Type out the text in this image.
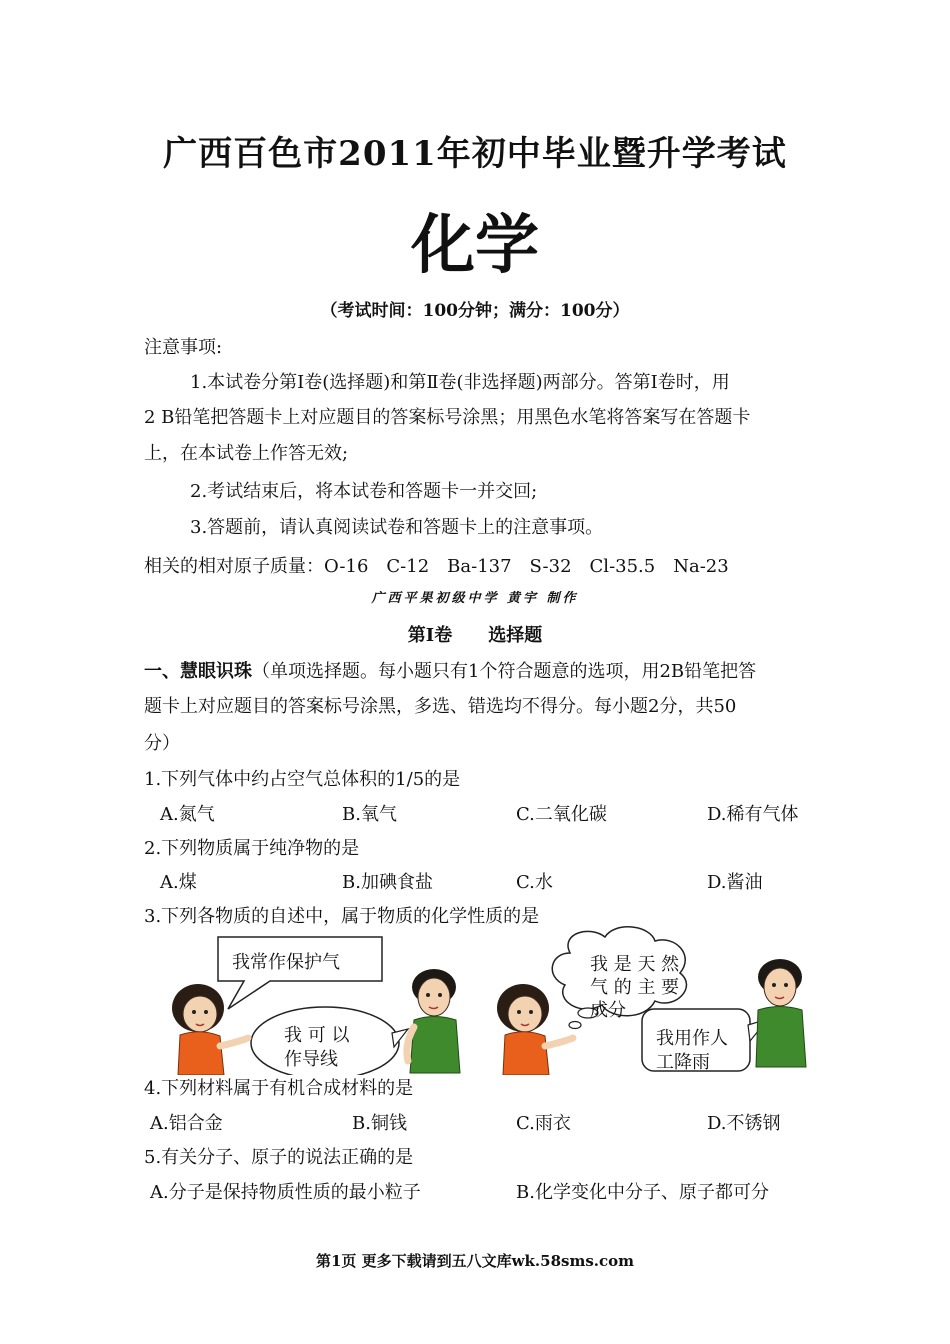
广西百色市2011年初中毕业暨升学考试
化学
（考试时间：100分钟；满分：100分）
注意事项:
1.本试卷分第Ⅰ卷(选择题)和第Ⅱ卷(非选择题)两部分。答第Ⅰ卷时，用
2 B铅笔把答题卡上对应题目的答案标号涂黑；用黑色水笔将答案写在答题卡
上，在本试卷上作答无效;
2.考试结束后，将本试卷和答题卡一并交回;
3.答题前，请认真阅读试卷和答题卡上的注意事项。
相关的相对原子质量：O-16　C-12　Ba-137　S-32　Cl-35.5　Na-23
广西平果初级中学 黄宇 制作
第Ⅰ卷　　选择题
一、慧眼识珠（单项选择题。每小题只有1个符合题意的选项，用2B铅笔把答
题卡上对应题目的答案标号涂黑，多选、错选均不得分。每小题2分，共50
分）
1.下列气体中约占空气总体积的1/5的是
A.氮气	B.氧气	C.二氧化碳	D.稀有气体
2.下列物质属于纯净物的是
A.煤	B.加碘食盐	C.水	D.酱油
3.下列各物质的自述中，属于物质的化学性质的是
我常作保护气
我 可 以
作导线
我 是 天 然
气 的 主 要
成分
我用作人
工降雨
4.下列材料属于有机合成材料的是
A.铝合金	B.铜钱	C.雨衣	D.不锈钢
5.有关分子、原子的说法正确的是
A.分子是保持物质性质的最小粒子	B.化学变化中分子、原子都可分
第1页 更多下载请到五八文库wk.58sms.com
